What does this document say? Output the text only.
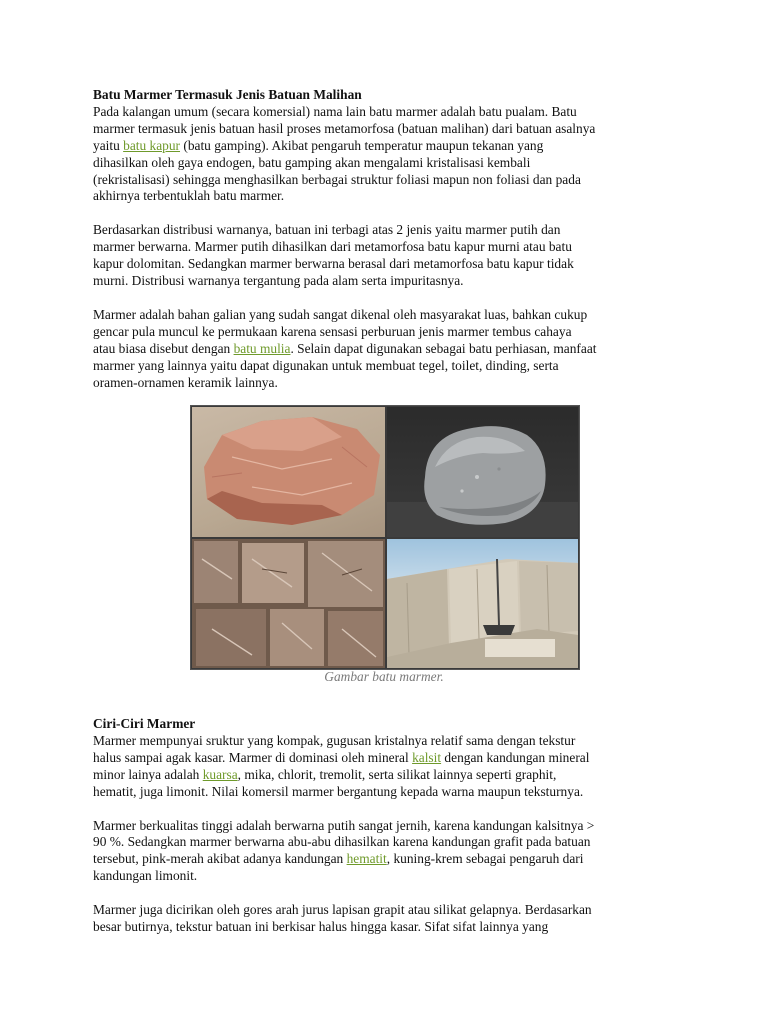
Batu Marmer Termasuk Jenis Batuan Malihan
Pada kalangan umum (secara komersial) nama lain batu marmer adalah batu pualam. Batu
marmer termasuk jenis batuan hasil proses metamorfosa (batuan malihan) dari batuan asalnya
yaitu batu kapur (batu gamping). Akibat pengaruh temperatur maupun tekanan yang
dihasilkan oleh gaya endogen, batu gamping akan mengalami kristalisasi kembali
(rekristalisasi) sehingga menghasilkan berbagai struktur foliasi mapun non foliasi dan pada
akhirnya terbentuklah batu marmer.

Berdasarkan distribusi warnanya, batuan ini terbagi atas 2 jenis yaitu marmer putih dan
marmer berwarna. Marmer putih dihasilkan dari metamorfosa batu kapur murni atau batu
kapur dolomitan. Sedangkan marmer berwarna berasal dari metamorfosa batu kapur tidak
murni. Distribusi warnanya tergantung pada alam serta impuritasnya.

Marmer adalah bahan galian yang sudah sangat dikenal oleh masyarakat luas, bahkan cukup
gencar pula muncul ke permukaan karena sensasi perburuan jenis marmer tembus cahaya
atau biasa disebut dengan batu mulia. Selain dapat digunakan sebagai batu perhiasan, manfaat
marmer yang lainnya yaitu dapat digunakan untuk membuat tegel, toilet, dinding, serta
oramen-ornamen keramik lainnya.

Gambar batu marmer.

Ciri-Ciri Marmer
Marmer mempunyai sruktur yang kompak, gugusan kristalnya relatif sama dengan tekstur
halus sampai agak kasar. Marmer di dominasi oleh mineral kalsit dengan kandungan mineral
minor lainya adalah kuarsa, mika, chlorit, tremolit, serta silikat lainnya seperti graphit,
hematit, juga limonit. Nilai komersil marmer bergantung kepada warna maupun teksturnya.

Marmer berkualitas tinggi adalah berwarna putih sangat jernih, karena kandungan kalsitnya >
90 %. Sedangkan marmer berwarna abu-abu dihasilkan karena kandungan grafit pada batuan
tersebut, pink-merah akibat adanya kandungan hematit, kuning-krem sebagai pengaruh dari
kandungan limonit.

Marmer juga dicirikan oleh gores arah jurus lapisan grapit atau silikat gelapnya. Berdasarkan
besar butirnya, tekstur batuan ini berkisar halus hingga kasar. Sifat sifat lainnya yang
